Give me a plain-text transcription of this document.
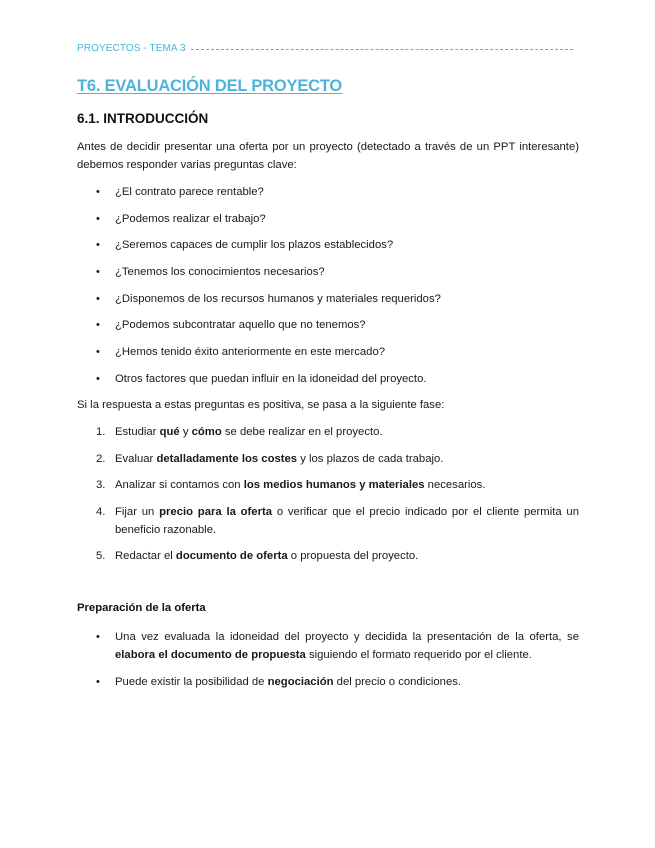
PROYECTOS - TEMA 3
T6. EVALUACIÓN DEL PROYECTO
6.1. INTRODUCCIÓN

Antes de decidir presentar una oferta por un proyecto (detectado a través de un PPT interesante) debemos responder varias preguntas clave:

• ¿El contrato parece rentable?
• ¿Podemos realizar el trabajo?
• ¿Seremos capaces de cumplir los plazos establecidos?
• ¿Tenemos los conocimientos necesarios?
• ¿Disponemos de los recursos humanos y materiales requeridos?
• ¿Podemos subcontratar aquello que no tenemos?
• ¿Hemos tenido éxito anteriormente en este mercado?
• Otros factores que puedan influir en la idoneidad del proyecto.

Si la respuesta a estas preguntas es positiva, se pasa a la siguiente fase:

1. Estudiar qué y cómo se debe realizar en el proyecto.
2. Evaluar detalladamente los costes y los plazos de cada trabajo.
3. Analizar si contamos con los medios humanos y materiales necesarios.
4. Fijar un precio para la oferta o verificar que el precio indicado por el cliente permita un beneficio razonable.
5. Redactar el documento de oferta o propuesta del proyecto.
Preparación de la oferta
• Una vez evaluada la idoneidad del proyecto y decidida la presentación de la oferta, se elabora el documento de propuesta siguiendo el formato requerido por el cliente.
• Puede existir la posibilidad de negociación del precio o condiciones.
